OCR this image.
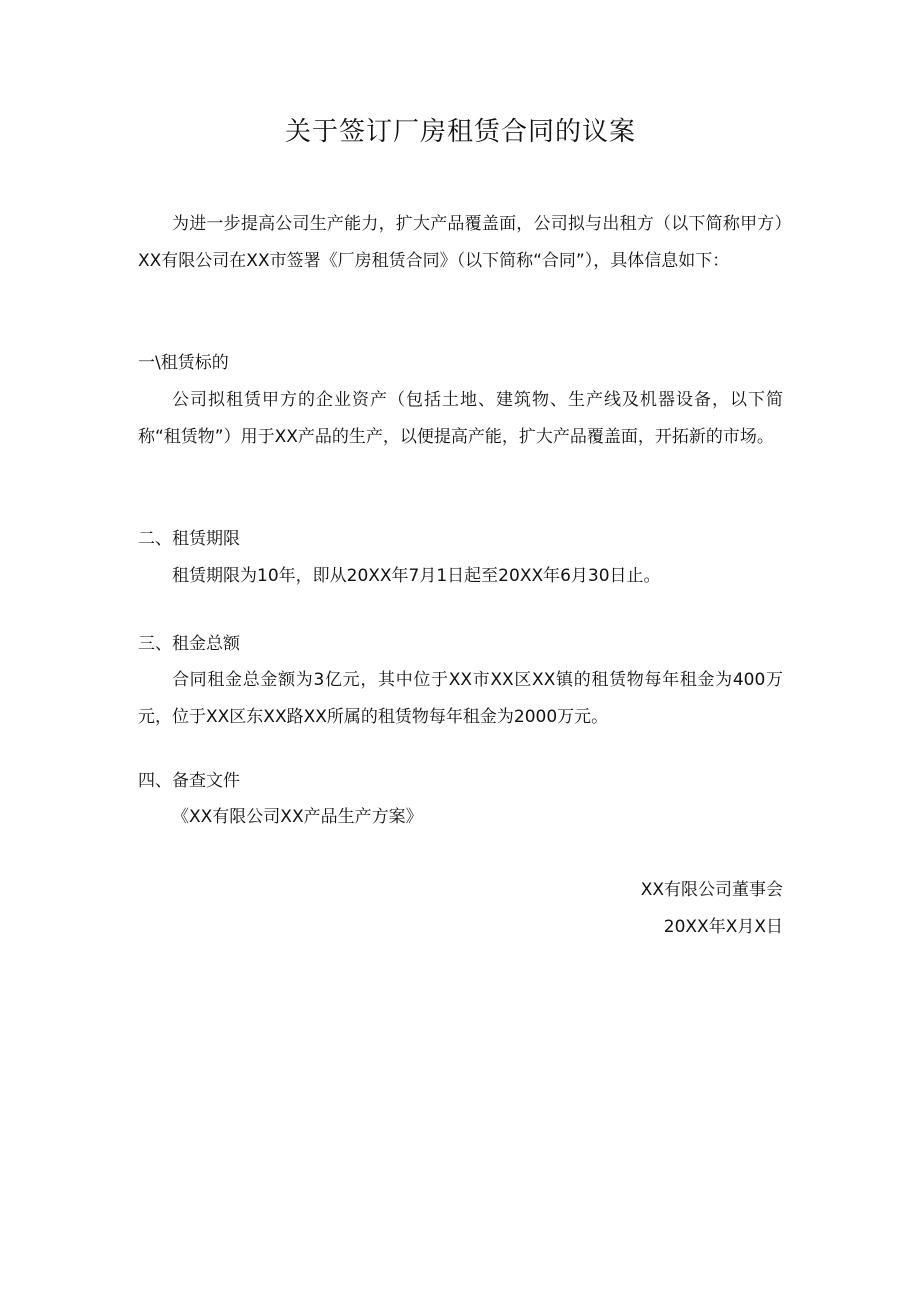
关于签订厂房租赁合同的议案

为进一步提高公司生产能力，扩大产品覆盖面，公司拟与出租方（以下简称甲方）XX有限公司在XX市签署《厂房租赁合同》（以下简称“合同”），具体信息如下：

一\租赁标的

公司拟租赁甲方的企业资产（包括土地、建筑物、生产线及机器设备，以下简称“租赁物”）用于XX产品的生产，以便提高产能，扩大产品覆盖面，开拓新的市场。

二、租赁期限

租赁期限为10年，即从20XX年7月1日起至20XX年6月30日止。

三、租金总额

合同租金总金额为3亿元，其中位于XX市XX区XX镇的租赁物每年租金为400万元，位于XX区东XX路XX所属的租赁物每年租金为2000万元。

四、备查文件

《XX有限公司XX产品生产方案》

XX有限公司董事会

20XX年X月X日
